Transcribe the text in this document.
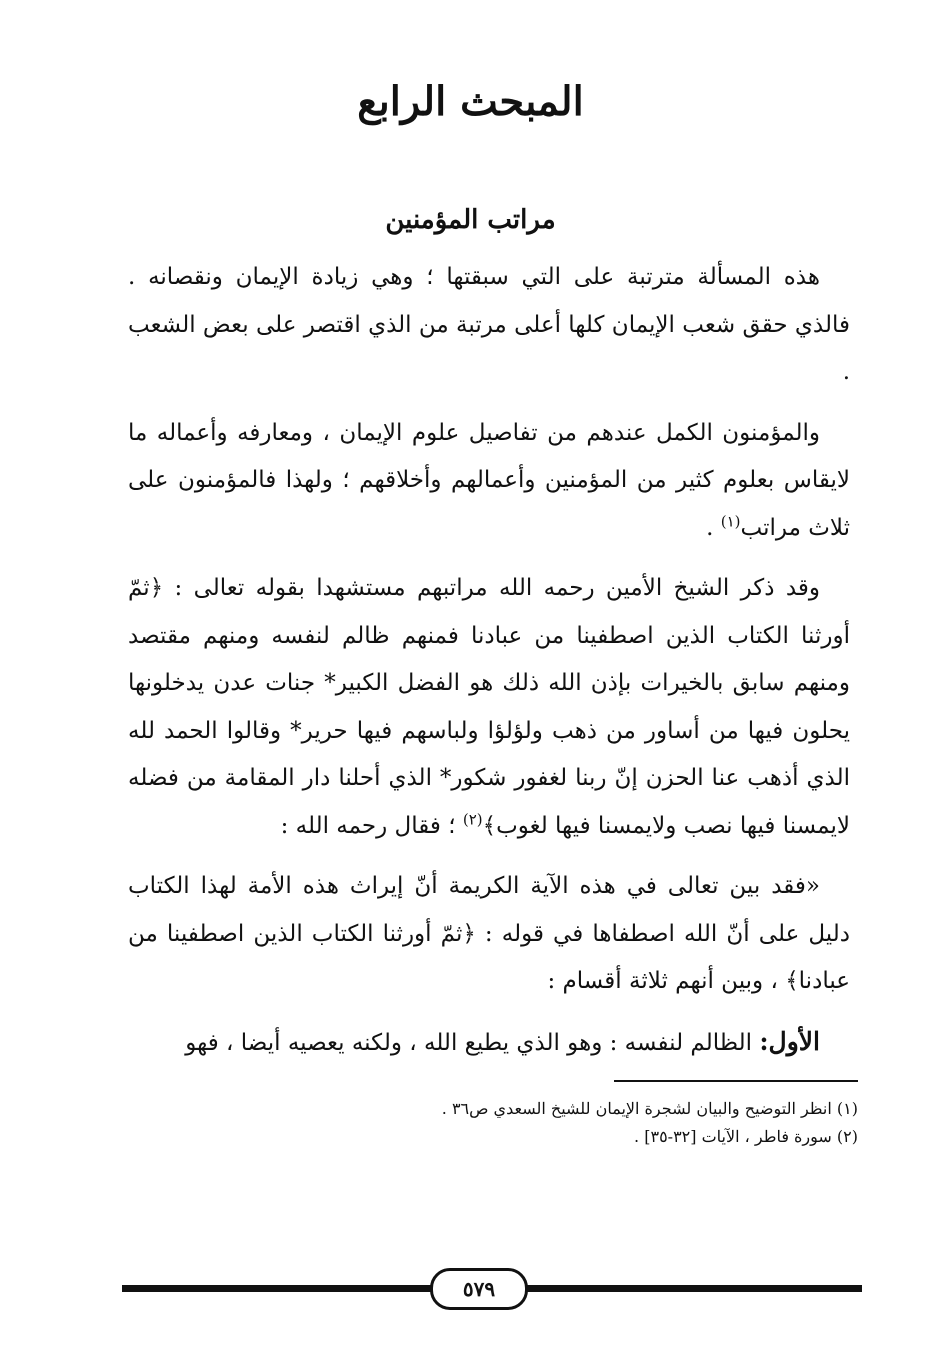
المبحث الرابع
مراتب المؤمنين

هذه المسألة مترتبة على التي سبقتها ؛ وهي زيادة الإيمان ونقصانه . فالذي حقق شعب الإيمان كلها أعلى مرتبة من الذي اقتصر على بعض الشعب .

والمؤمنون الكمل عندهم من تفاصيل علوم الإيمان ، ومعارفه وأعماله ما لايقاس بعلوم كثير من المؤمنين وأعمالهم وأخلاقهم ؛ ولهذا فالمؤمنون على ثلاث مراتب$^{(١)}$ .

وقد ذكر الشيخ الأمين رحمه الله مراتبهم مستشهدا بقوله تعالى : ﴿ثمّ أورثنا الكتاب الذين اصطفينا من عبادنا فمنهم ظالم لنفسه ومنهم مقتصد ومنهم سابق بالخيرات بإذن الله ذلك هو الفضل الكبير* جنات عدن يدخلونها يحلون فيها من أساور من ذهب ولؤلؤا ولباسهم فيها حرير* وقالوا الحمد لله الذي أذهب عنا الحزن إنّ ربنا لغفور شكور* الذي أحلنا دار المقامة من فضله لايمسنا فيها نصب ولايمسنا فيها لغوب﴾$^{(٢)}$ ؛ فقال رحمه الله :

«فقد بين تعالى في هذه الآية الكريمة أنّ إيراث هذه الأمة لهذا الكتاب دليل على أنّ الله اصطفاها في قوله : ﴿ثمّ أورثنا الكتاب الذين اصطفينا من عبادنا﴾ ، وبين أنهم ثلاثة أقسام :

الأول: الظالم لنفسه : وهو الذي يطيع الله ، ولكنه يعصيه أيضا ، فهو

(١) انظر التوضيح والبيان لشجرة الإيمان للشيخ السعدي ص٣٦ .
(٢) سورة فاطر ، الآيات [٣٢-٣٥] .
٥٧٩
